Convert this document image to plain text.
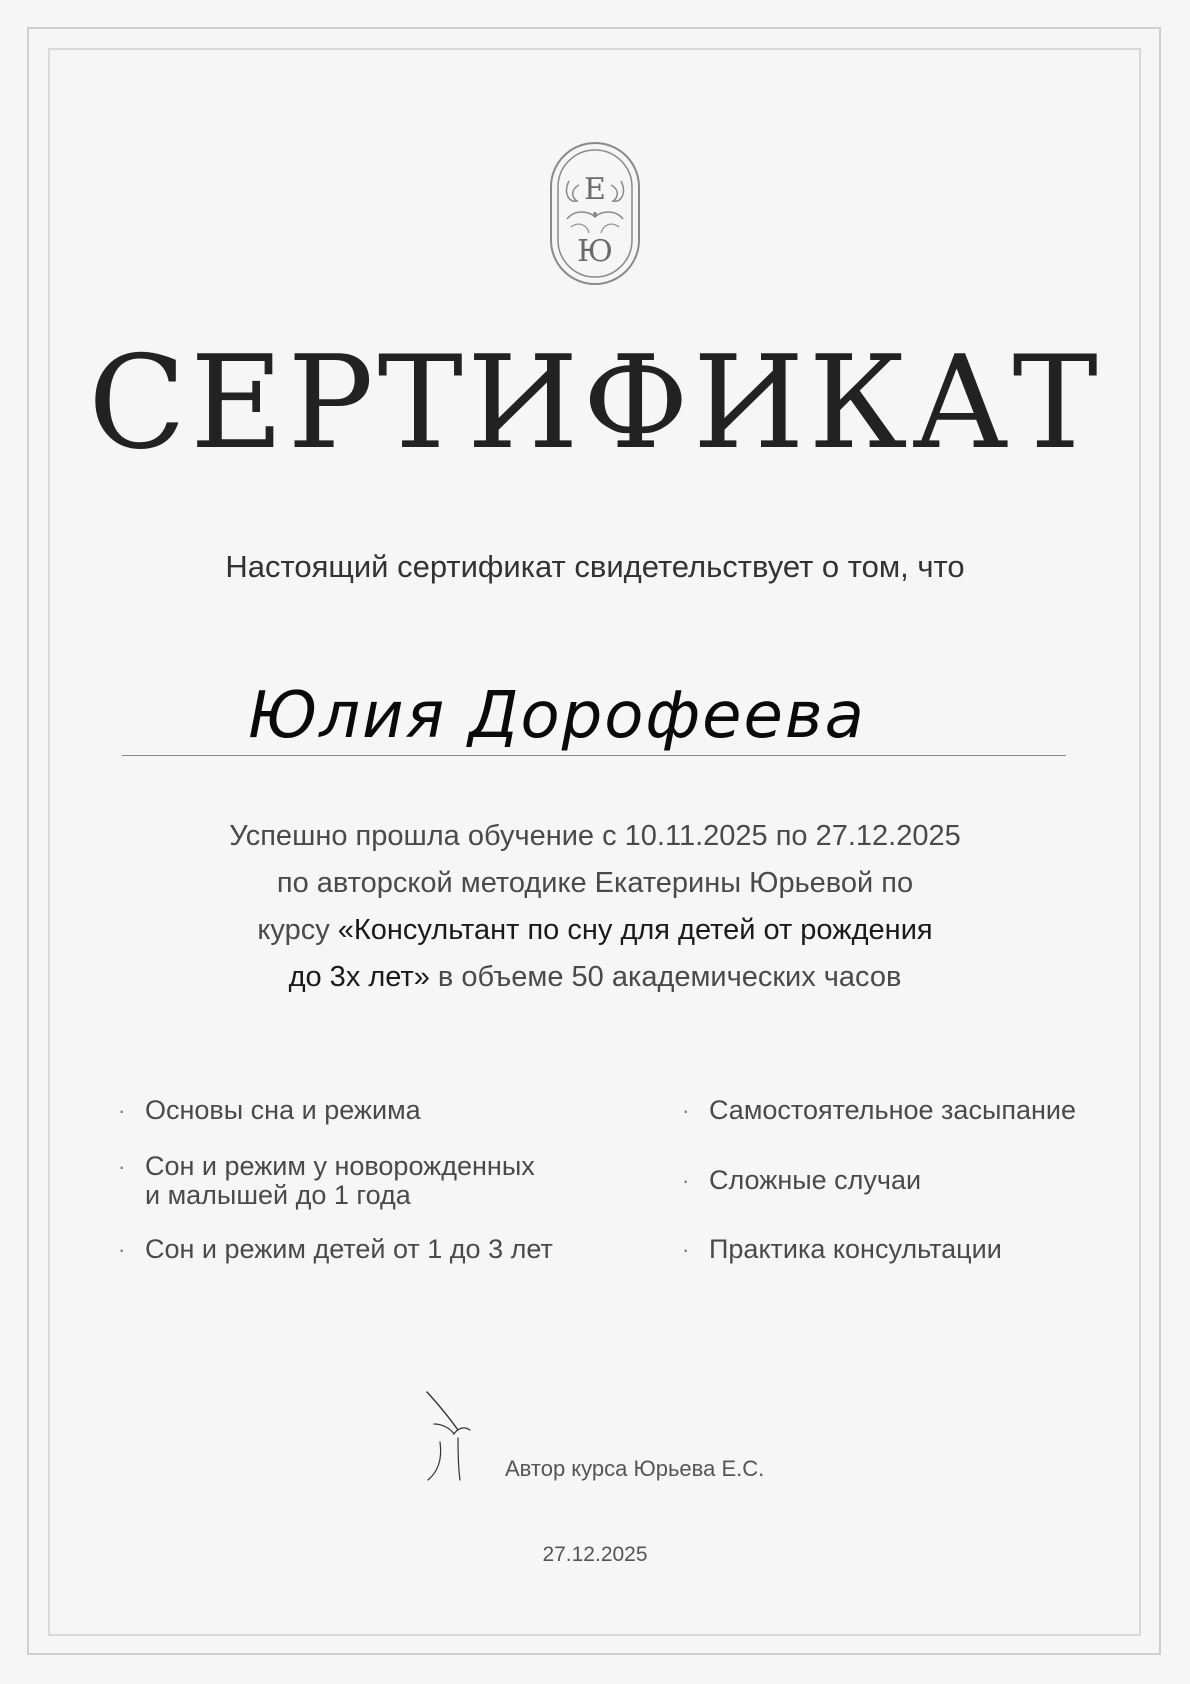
Е
Ю
СЕРТИФИКАТ
Настоящий сертификат свидетельствует о том, что
Юлия Дорофеева
Успешно прошла обучение с 10.11.2025 по 27.12.2025
по авторской методике Екатерины Юрьевой по
курсу «Консультант по сну для детей от рождения
до 3х лет» в объеме 50 академических часов
· Основы сна и режима
· Сон и режим у новорожденных
и малышей до 1 года
· Сон и режим детей от 1 до 3 лет
· Самостоятельное засыпание
· Сложные случаи
· Практика консультации
Автор курса Юрьева Е.С.
27.12.2025
